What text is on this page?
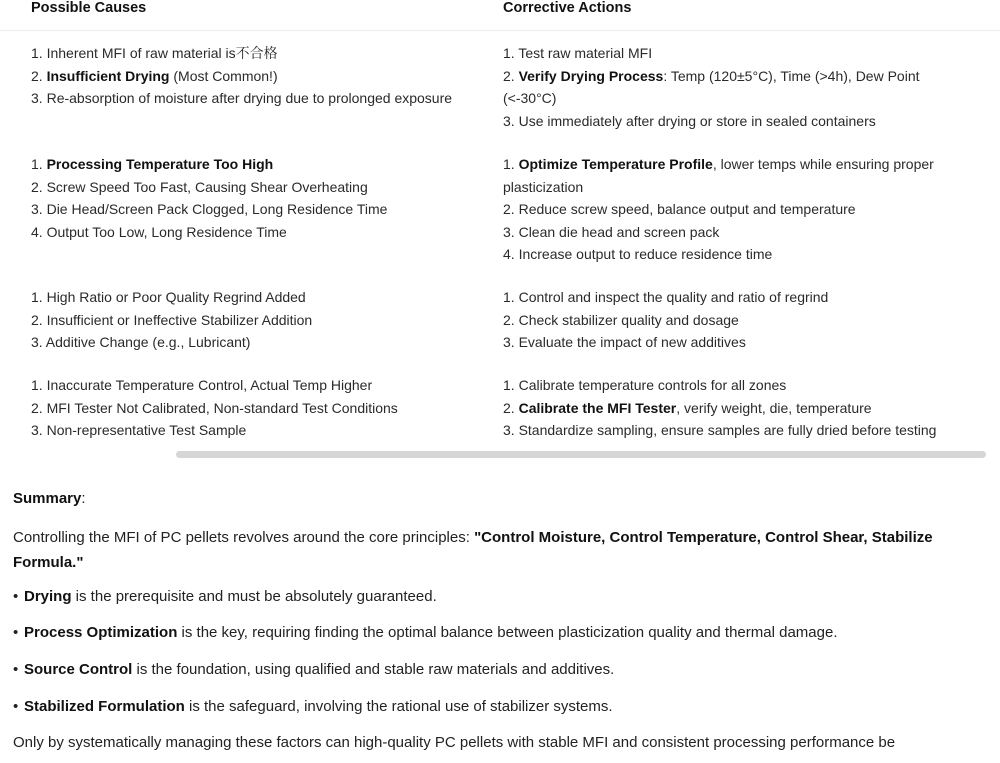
Possible Causes	Corrective Actions
1. Inherent MFI of raw material is不合格
2. Insufficient Drying (Most Common!)
3. Re-absorption of moisture after drying due to prolonged exposure
1. Test raw material MFI
2. Verify Drying Process: Temp (120±5°C), Time (>4h), Dew Point (<-30°C)
3. Use immediately after drying or store in sealed containers
1. Processing Temperature Too High
2. Screw Speed Too Fast, Causing Shear Overheating
3. Die Head/Screen Pack Clogged, Long Residence Time
4. Output Too Low, Long Residence Time
1. Optimize Temperature Profile, lower temps while ensuring proper plasticization
2. Reduce screw speed, balance output and temperature
3. Clean die head and screen pack
4. Increase output to reduce residence time
1. High Ratio or Poor Quality Regrind Added
2. Insufficient or Ineffective Stabilizer Addition
3. Additive Change (e.g., Lubricant)
1. Control and inspect the quality and ratio of regrind
2. Check stabilizer quality and dosage
3. Evaluate the impact of new additives
1. Inaccurate Temperature Control, Actual Temp Higher
2. MFI Tester Not Calibrated, Non-standard Test Conditions
3. Non-representative Test Sample
1. Calibrate temperature controls for all zones
2. Calibrate the MFI Tester, verify weight, die, temperature
3. Standardize sampling, ensure samples are fully dried before testing
Summary:
Controlling the MFI of PC pellets revolves around the core principles: "Control Moisture, Control Temperature, Control Shear, Stabilize Formula."
• Drying is the prerequisite and must be absolutely guaranteed.
• Process Optimization is the key, requiring finding the optimal balance between plasticization quality and thermal damage.
• Source Control is the foundation, using qualified and stable raw materials and additives.
• Stabilized Formulation is the safeguard, involving the rational use of stabilizer systems.
Only by systematically managing these factors can high-quality PC pellets with stable MFI and consistent processing performance be
